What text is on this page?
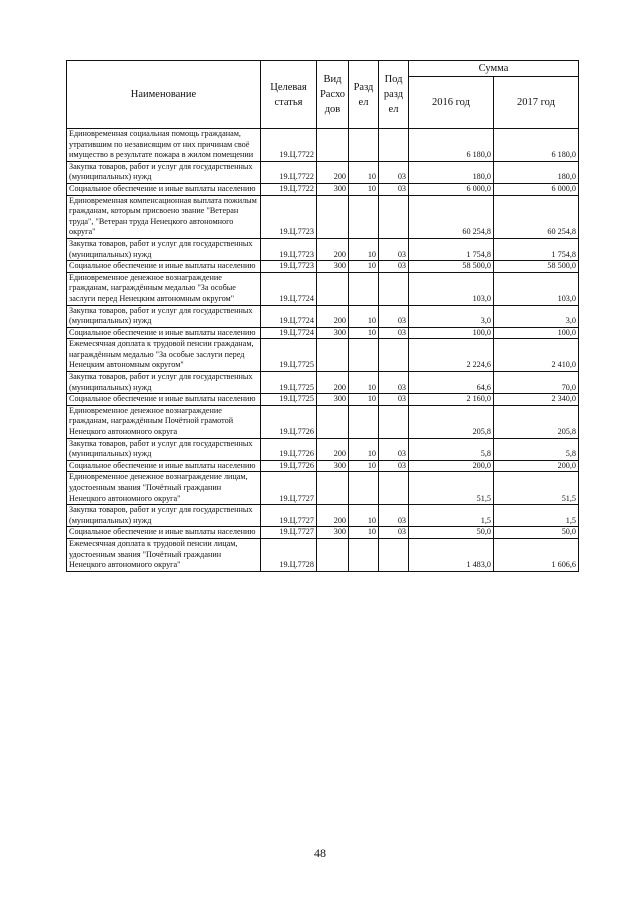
Наименование	Целевая статья	Вид Расхо дов	Разд ел	Под разд ел	Сумма	
					2016 год	2017 год
Единовременная социальная помощь гражданам, утратившим по независящим от них причинам своё имущество в результате пожара в жилом помещении	19.Ц.7722				6 180,0	6 180,0
Закупка товаров, работ и услуг для государственных (муниципальных) нужд	19.Ц.7722	200	10	03	180,0	180,0
Социальное обеспечение и иные выплаты населению	19.Ц.7722	300	10	03	6 000,0	6 000,0
Единовременная компенсационная выплата пожилым гражданам, которым присвоено звание "Ветеран труда", "Ветеран труда Ненецкого автономного округа"	19.Ц.7723				60 254,8	60 254,8
Закупка товаров, работ и услуг для государственных (муниципальных) нужд	19.Ц.7723	200	10	03	1 754,8	1 754,8
Социальное обеспечение и иные выплаты населению	19.Ц.7723	300	10	03	58 500,0	58 500,0
Единовременное денежное вознаграждение гражданам, награждённым медалью "За особые заслуги перед Ненецким автономным округом"	19.Ц.7724				103,0	103,0
Закупка товаров, работ и услуг для государственных (муниципальных) нужд	19.Ц.7724	200	10	03	3,0	3,0
Социальное обеспечение и иные выплаты населению	19.Ц.7724	300	10	03	100,0	100,0
Ежемесячная доплата к трудовой пенсии гражданам, награждённым медалью "За особые заслуги перед Ненецким автономным округом"	19.Ц.7725				2 224,6	2 410,0
Закупка товаров, работ и услуг для государственных (муниципальных) нужд	19.Ц.7725	200	10	03	64,6	70,0
Социальное обеспечение и иные выплаты населению	19.Ц.7725	300	10	03	2 160,0	2 340,0
Единовременное денежное вознаграждение гражданам, награждённым Почётной грамотой Ненецкого автономного округа	19.Ц.7726				205,8	205,8
Закупка товаров, работ и услуг для государственных (муниципальных) нужд	19.Ц.7726	200	10	03	5,8	5,8
Социальное обеспечение и иные выплаты населению	19.Ц.7726	300	10	03	200,0	200,0
Единовременное денежное вознаграждение лицам, удостоенным звания "Почётный гражданин Ненецкого автономного округа"	19.Ц.7727				51,5	51,5
Закупка товаров, работ и услуг для государственных (муниципальных) нужд	19.Ц.7727	200	10	03	1,5	1,5
Социальное обеспечение и иные выплаты населению	19.Ц.7727	300	10	03	50,0	50,0
Ежемесячная доплата к трудовой пенсии лицам, удостоенным звания "Почётный гражданин Ненецкого автономного округа"	19.Ц.7728				1 483,0	1 606,6
48
